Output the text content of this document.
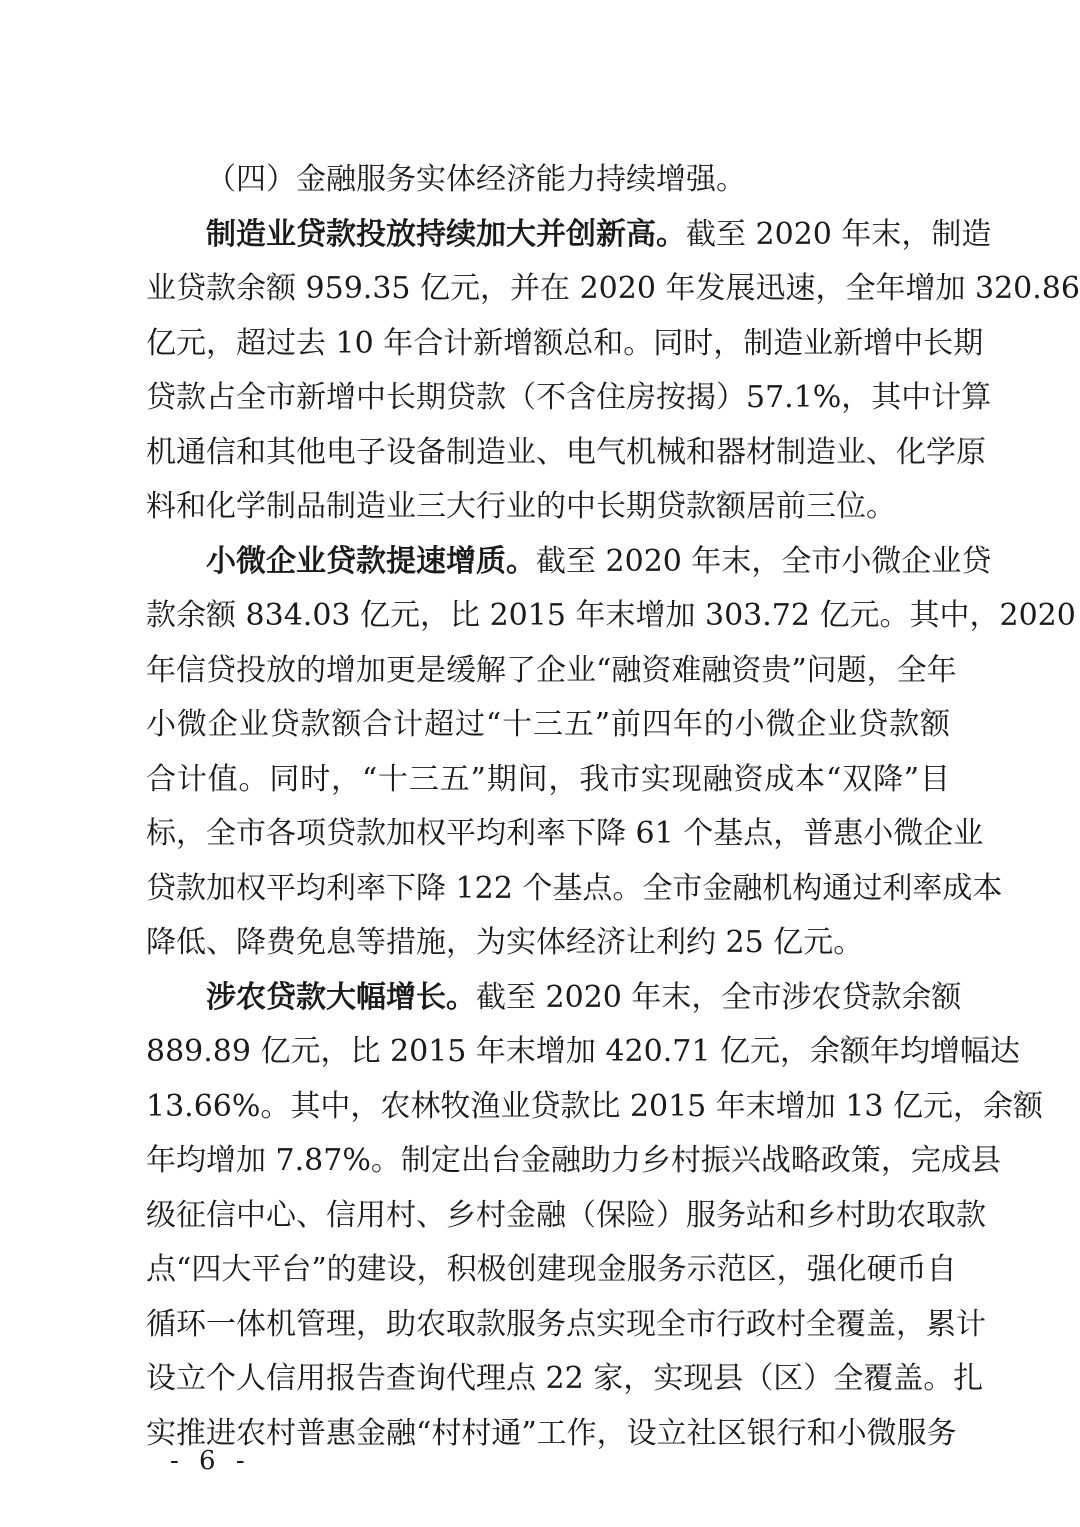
（四）金融服务实体经济能力持续增强。
制造业贷款投放持续加大并创新高。截至 2020 年末，制造
业贷款余额 959.35 亿元，并在 2020 年发展迅速，全年增加 320.86
亿元，超过去 10 年合计新增额总和。同时，制造业新增中长期
贷款占全市新增中长期贷款（不含住房按揭）57.1%，其中计算
机通信和其他电子设备制造业、电气机械和器材制造业、化学原
料和化学制品制造业三大行业的中长期贷款额居前三位。
小微企业贷款提速增质。截至 2020 年末，全市小微企业贷
款余额 834.03 亿元，比 2015 年末增加 303.72 亿元。其中，2020
年信贷投放的增加更是缓解了企业“融资难融资贵”问题，全年
小微企业贷款额合计超过“十三五”前四年的小微企业贷款额
合计值。同时，“十三五”期间，我市实现融资成本“双降”目
标，全市各项贷款加权平均利率下降 61 个基点，普惠小微企业
贷款加权平均利率下降 122 个基点。全市金融机构通过利率成本
降低、降费免息等措施，为实体经济让利约 25 亿元。
涉农贷款大幅增长。截至 2020 年末，全市涉农贷款余额
889.89 亿元，比 2015 年末增加 420.71 亿元，余额年均增幅达
13.66%。其中，农林牧渔业贷款比 2015 年末增加 13 亿元，余额
年均增加 7.87%。制定出台金融助力乡村振兴战略政策，完成县
级征信中心、信用村、乡村金融（保险）服务站和乡村助农取款
点“四大平台”的建设，积极创建现金服务示范区，强化硬币自
循环一体机管理，助农取款服务点实现全市行政村全覆盖，累计
设立个人信用报告查询代理点 22 家，实现县（区）全覆盖。扎
实推进农村普惠金融“村村通”工作，设立社区银行和小微服务
- 6 -
